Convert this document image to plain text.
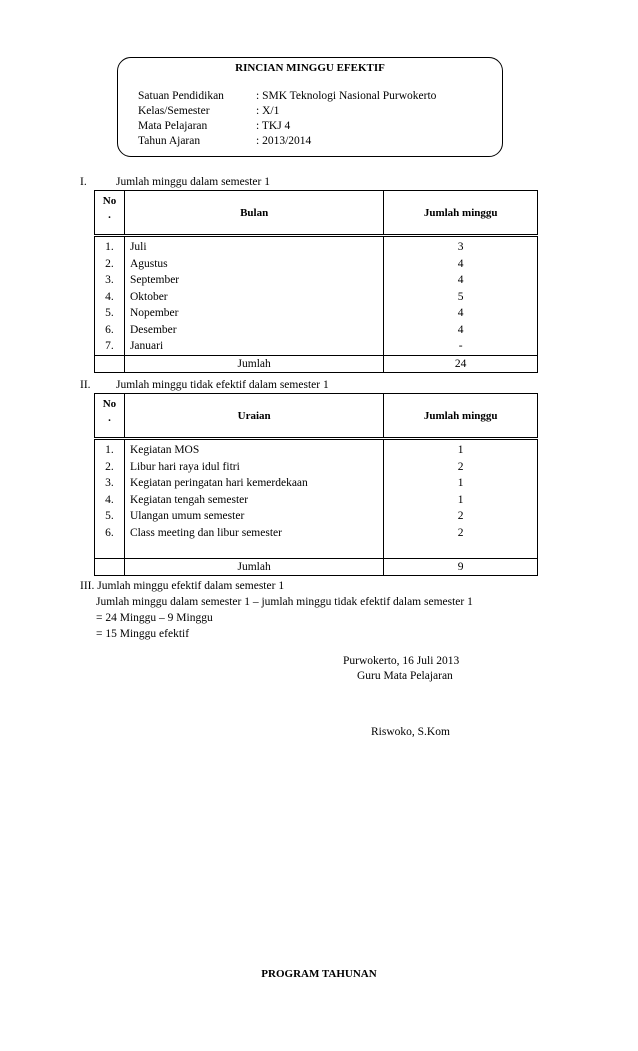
RINCIAN MINGGU EFEKTIF
Satuan Pendidikan	: SMK Teknologi Nasional Purwokerto
Kelas/Semester	: X/1
Mata Pelajaran	: TKJ 4
Tahun Ajaran	: 2013/2014
I.	Jumlah minggu dalam semester 1
No
.	Bulan	Jumlah minggu
1.	Juli	3
2.	Agustus	4
3.	September	4
4.	Oktober	5
5.	Nopember	4
6.	Desember	4
7.	Januari	-
	Jumlah	24
II. Jumlah minggu tidak efektif dalam semester 1
No
.	Uraian	Jumlah minggu
1.	Kegiatan MOS	1
2.	Libur hari raya idul fitri	2
3.	Kegiatan peringatan hari kemerdekaan	1
4.	Kegiatan tengah semester	1
5.	Ulangan umum semester	2
6.	Class meeting dan libur semester	2

	Jumlah	9
III. Jumlah minggu efektif dalam semester 1
Jumlah minggu dalam semester 1 – jumlah minggu tidak efektif dalam semester 1
= 24 Minggu – 9 Minggu
= 15 Minggu efektif
Purwokerto, 16 Juli 2013
Guru Mata Pelajaran
Riswoko, S.Kom
PROGRAM TAHUNAN
